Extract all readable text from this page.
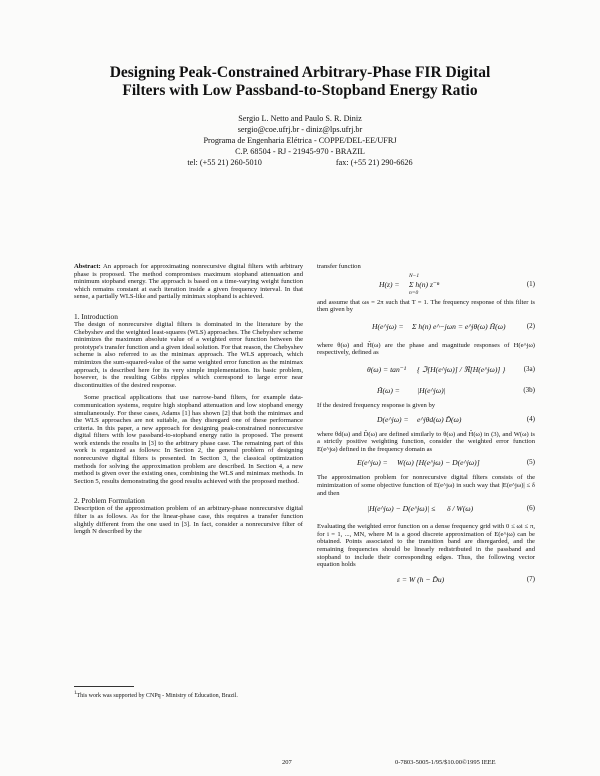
Designing Peak-Constrained Arbitrary-Phase FIR Digital
Filters with Low Passband-to-Stopband Energy Ratio
Sergio L. Netto and Paulo S. R. Diniz
sergio@coe.ufrj.br - diniz@lps.ufrj.br
Programa de Engenharia Elétrica - COPPE/DEL-EE/UFRJ
C.P. 68504 - RJ - 21945-970 - BRAZIL
tel: (+55 21) 260-5010	fax: (+55 21) 290-6626

Abstract: An approach for approximating nonrecursive digital filters with arbitrary phase is proposed. The method compromises maximum stopband attenuation and minimum stopband energy. The approach is based on a time-varying weight function which remains constant at each iteration inside a given frequency interval. In that sense, a partially WLS-like and partially minimax stopband is achieved.

1. Introduction

The design of nonrecursive digital filters is dominated in the literature by the Chebyshev and the weighted least-squares (WLS) approaches. The Chebyshev scheme minimizes the maximum absolute value of a weighted error function between the prototype's transfer function and a given ideal solution. For that reason, the Chebyshev scheme is also referred to as the minimax approach. The WLS approach, which minimizes the sum-squared-value of the same weighted error function as the minimax approach, is described here for its very simple implementation. Its basic problem, however, is the resulting Gibbs ripples which correspond to large error near discontinuities of the desired response.

Some practical applications that use narrow-band filters, for example data-communication systems, require high stopband attenuation and low stopband energy simultaneously. For these cases, Adams [1] has shown [2] that both the minimax and the WLS approaches are not suitable, as they disregard one of these performance criteria. In this paper, a new approach for designing peak-constrained nonrecursive digital filters with low passband-to-stopband energy ratio is proposed. The present work extends the results in [3] to the arbitrary phase case. The remaining part of this work is organized as follows: In Section 2, the general problem of designing nonrecursive digital filters is presented. In Section 3, the classical optimization methods for solving the approximation problem are described. In Section 4, a new method is given over the existing ones, combining the WLS and minimax methods. In Section 5, results demonstrating the good results achieved with the proposed method.

2. Problem Formulation

Description of the approximation problem of an arbitrary-phase nonrecursive digital filter is as follows. As for the linear-phase case, this requires a transfer function slightly different from the one used in [3]. In fact, consider a nonrecursive filter of length N described by the

$^1$This work was supported by CNPq - Ministry of Education, Brazil.

transfer function

H(z) =
N−1
Σ h(n) z⁻ⁿ
n=0
(1)

and assume that ωs = 2π such that T = 1. The frequency response of this filter is then given by

H(e^jω) = Σ h(n) e^−jωn = e^jθ(ω) H̃(ω)	(2)

where θ(ω) and H̃(ω) are the phase and magnitude responses of H(e^jω) respectively, defined as

θ(ω) = tan⁻¹ { ℑ[H(e^jω)] / ℜ[H(e^jω)] }	(3a)
H̃(ω) = |H(e^jω)|	(3b)

If the desired frequency response is given by

D(e^jω) = e^jθd(ω) D̃(ω)	(4)

where θd(ω) and D̃(ω) are defined similarly to θ(ω) and H̃(ω) in (3), and W(ω) is a strictly positive weighting function, consider the weighted error function E(e^jω) defined in the frequency domain as

E(e^jω) = W(ω) [H(e^jω) − D(e^jω)]	(5)

The approximation problem for nonrecursive digital filters consists of the minimization of some objective function of E(e^jω) in such way that |E(e^jω)| ≤ δ and then

|H(e^jω) − D(e^jω)| ≤ δ / W(ω)	(6)

Evaluating the weighted error function on a dense frequency grid with 0 ≤ ωi ≤ π, for i = 1, ..., MN, where M is a good discrete approximation of E(e^jω) can be obtained. Points associated to the transition band are disregarded, and the remaining frequencies should be linearly redistributed in the passband and stopband to include their corresponding edges. Thus, the following vector equation holds

ε = W (h − D̃u)	(7)
207	0-7803-5005-1/95/$10.00©1995 IEEE
